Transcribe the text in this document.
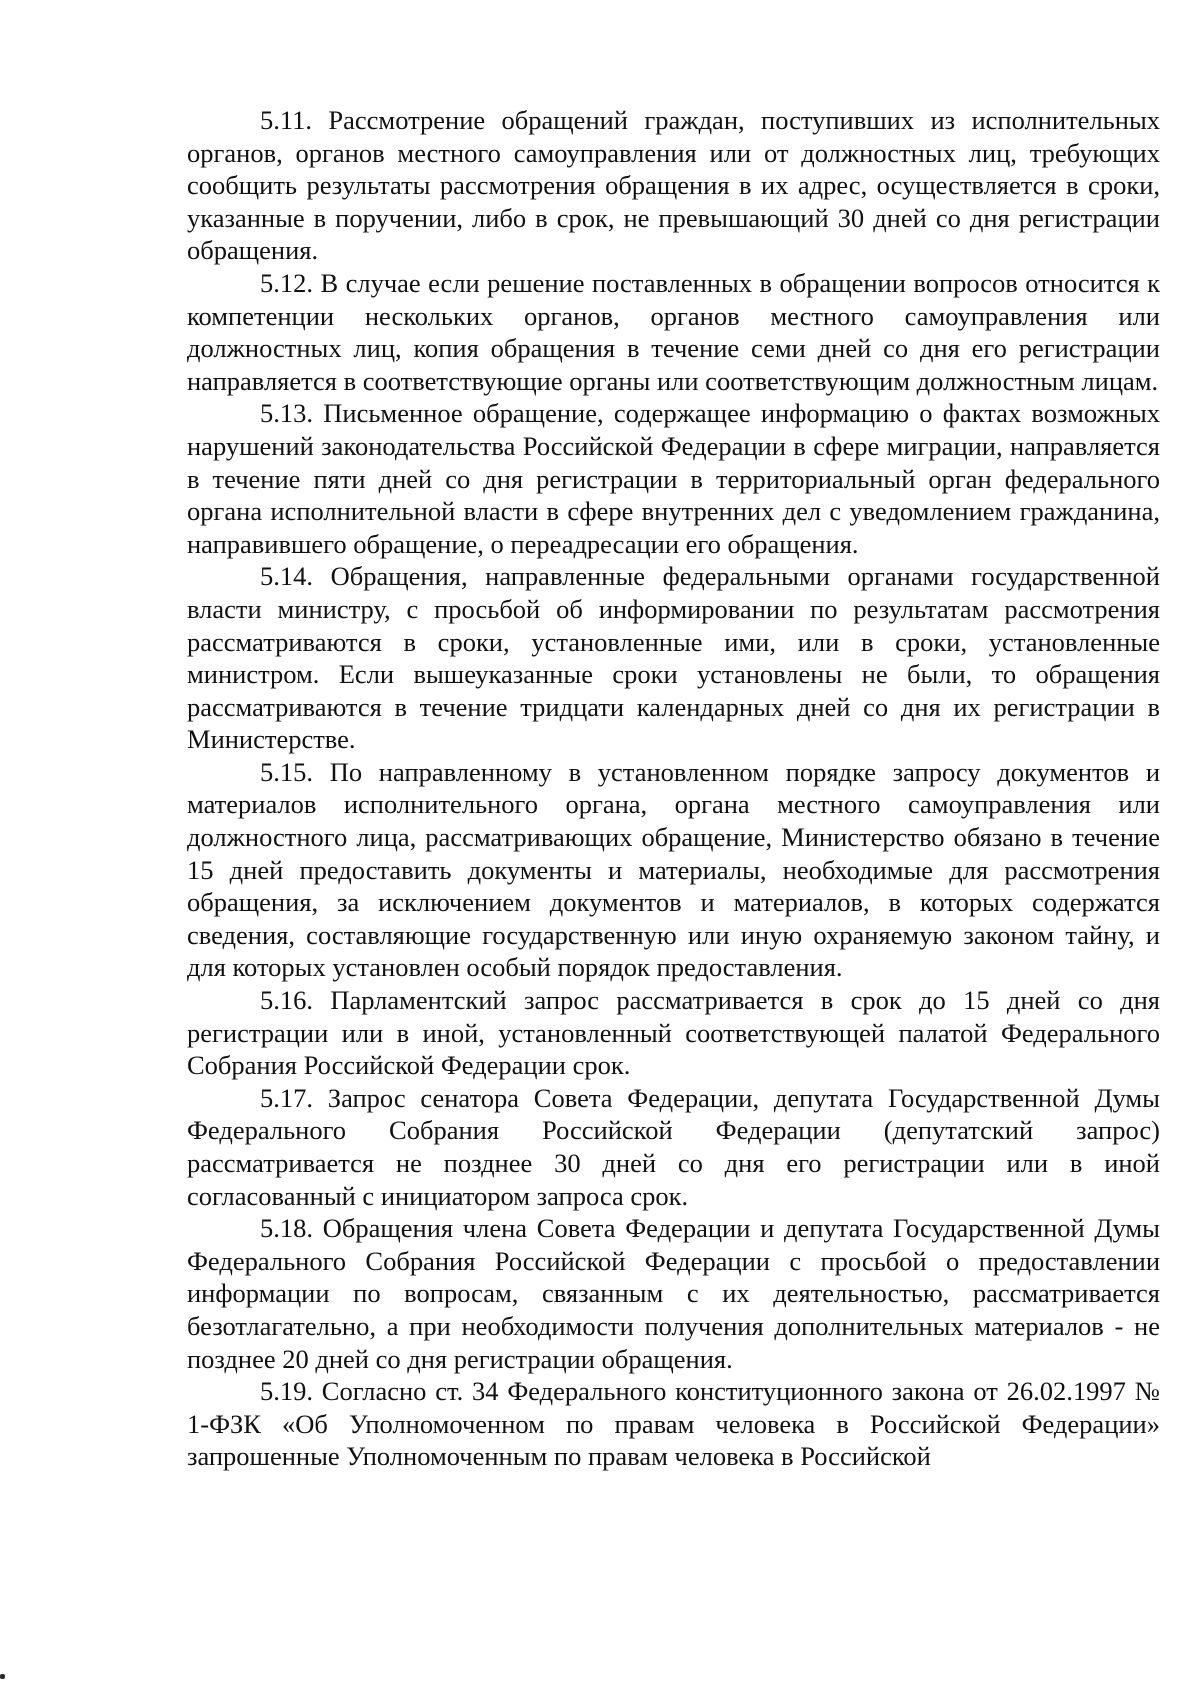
5.11. Рассмотрение обращений граждан, поступивших из исполнительных органов, органов местного самоуправления или от должностных лиц, требующих сообщить результаты рассмотрения обращения в их адрес, осуществляется в сроки, указанные в поручении, либо в срок, не превышающий 30 дней со дня регистрации обращения.

5.12. В случае если решение поставленных в обращении вопросов относится к компетенции нескольких органов, органов местного самоуправления или должностных лиц, копия обращения в течение семи дней со дня его регистрации направляется в соответствующие органы или соответствующим должностным лицам.

5.13. Письменное обращение, содержащее информацию о фактах возможных нарушений законодательства Российской Федерации в сфере миграции, направляется в течение пяти дней со дня регистрации в территориальный орган федерального органа исполнительной власти в сфере внутренних дел с уведомлением гражданина, направившего обращение, о переадресации его обращения.

5.14. Обращения, направленные федеральными органами государственной власти министру, с просьбой об информировании по результатам рассмотрения рассматриваются в сроки, установленные ими, или в сроки, установленные министром. Если вышеуказанные сроки установлены не были, то обращения рассматриваются в течение тридцати календарных дней со дня их регистрации в Министерстве.

5.15. По направленному в установленном порядке запросу документов и материалов исполнительного органа, органа местного самоуправления или должностного лица, рассматривающих обращение, Министерство обязано в течение 15 дней предоставить документы и материалы, необходимые для рассмотрения обращения, за исключением документов и материалов, в которых содержатся сведения, составляющие государственную или иную охраняемую законом тайну, и для которых установлен особый порядок предоставления.

5.16. Парламентский запрос рассматривается в срок до 15 дней со дня регистрации или в иной, установленный соответствующей палатой Федерального Собрания Российской Федерации срок.

5.17. Запрос сенатора Совета Федерации, депутата Государственной Думы Федерального Собрания Российской Федерации (депутатский запрос) рассматривается не позднее 30 дней со дня его регистрации или в иной согласованный с инициатором запроса срок.

5.18. Обращения члена Совета Федерации и депутата Государственной Думы Федерального Собрания Российской Федерации с просьбой о предоставлении информации по вопросам, связанным с их деятельностью, рассматривается безотлагательно, а при необходимости получения дополнительных материалов - не позднее 20 дней со дня регистрации обращения.

5.19. Согласно ст. 34 Федерального конституционного закона от 26.02.1997 № 1-ФЗК «Об Уполномоченном по правам человека в Российской Федерации» запрошенные Уполномоченным по правам человека в Российской
